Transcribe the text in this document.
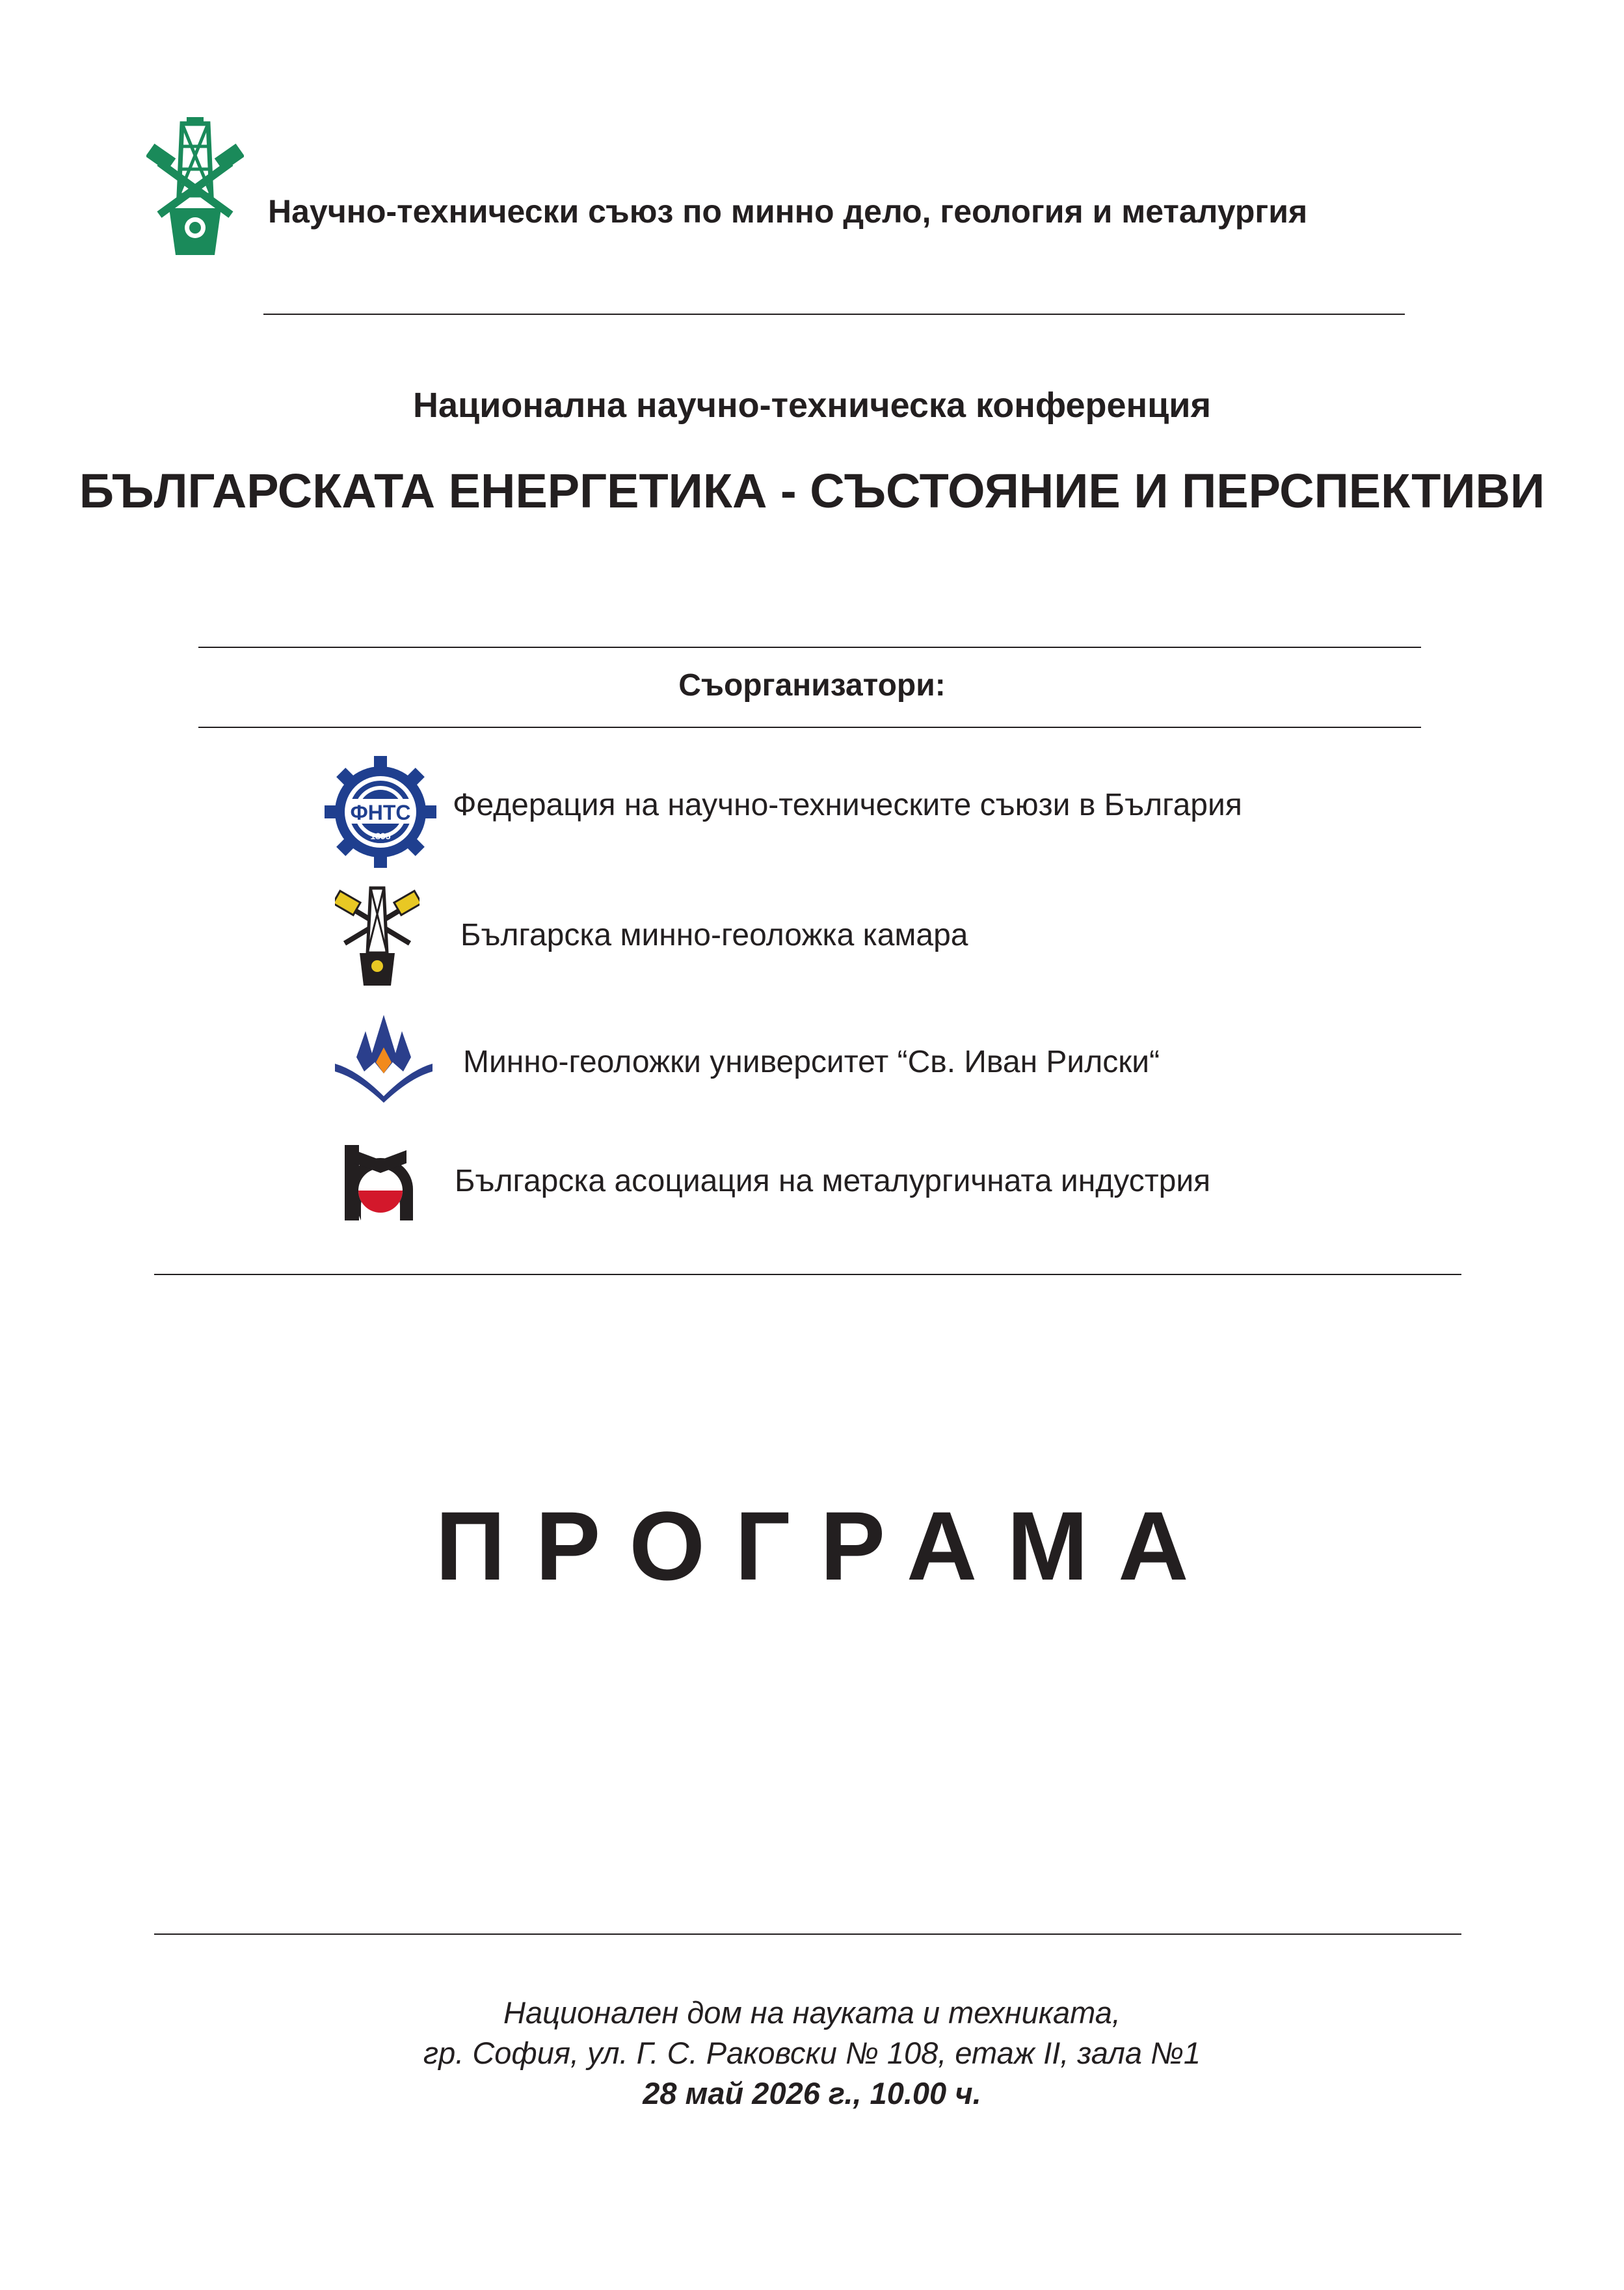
Научно-технически съюз по минно дело, геология и металургия
Национална научно-техническа конференция
БЪЛГАРСКАТА ЕНЕРГЕТИКА - СЪСТОЯНИЕ И ПЕРСПЕКТИВИ
Съорганизатори:
ФНТС
1895
Федерация на научно-техническите съюзи в България
Българска минно-геоложка камара
Минно-геоложки университет “Св. Иван Рилски“
Българска асоциация на металургичната индустрия
ПРОГРАМА
Национален дом на науката и техниката,
гр. София, ул. Г. С. Раковски № 108, етаж II, зала №1
28 май 2026 г., 10.00 ч.
